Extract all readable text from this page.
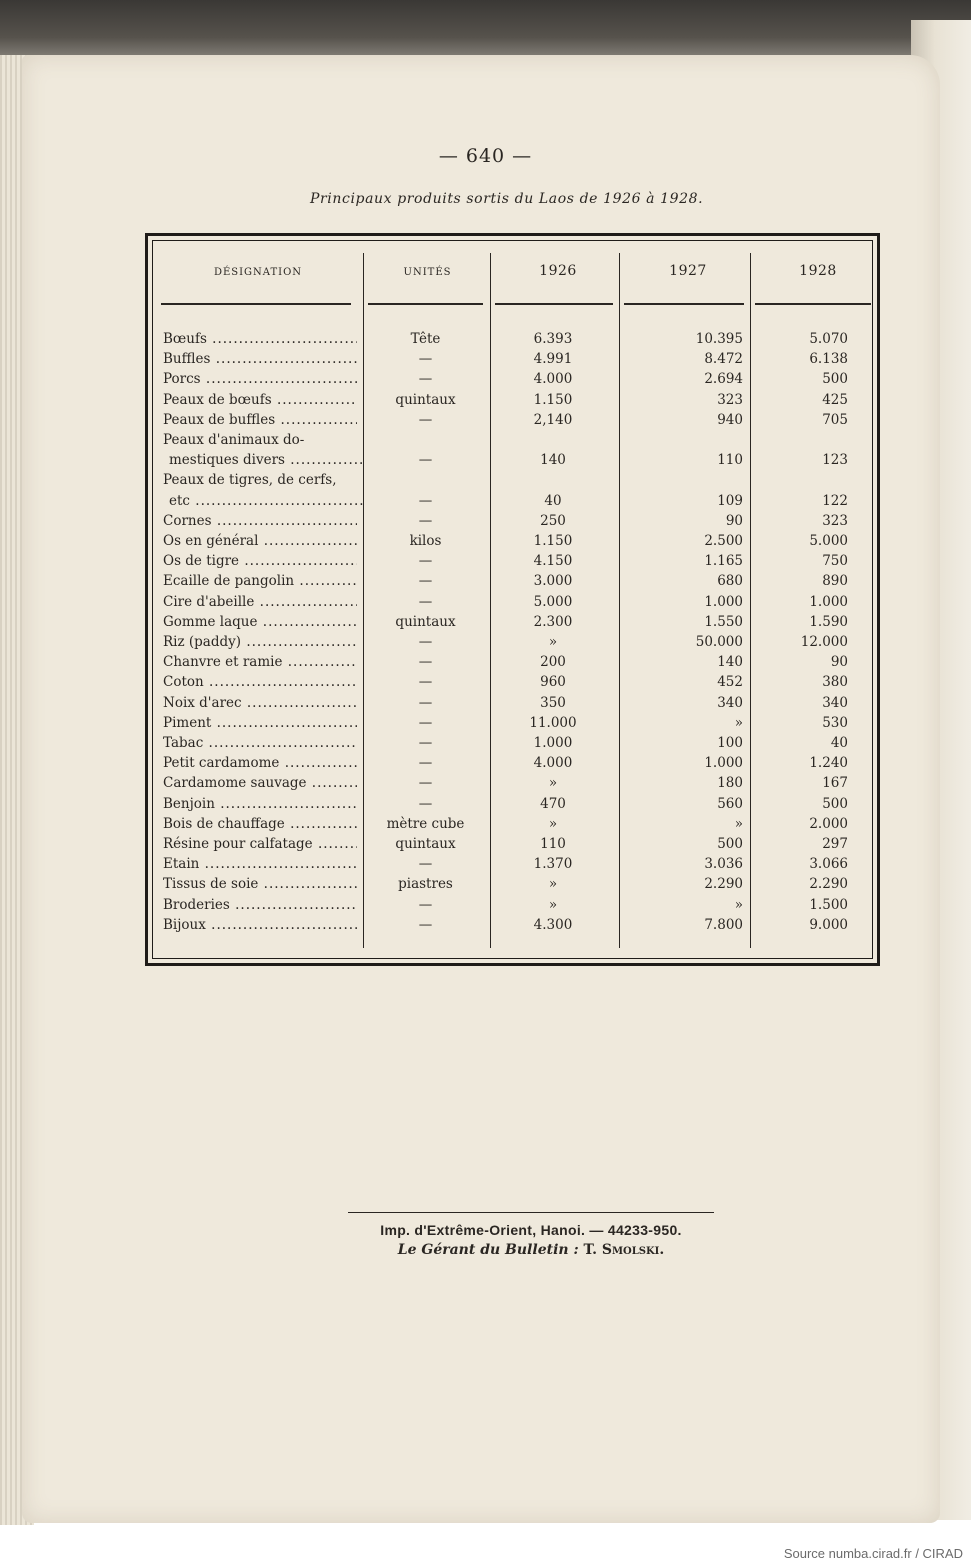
— 640 —
Principaux produits sortis du Laos de 1926 à 1928.
DÉSIGNATION	UNITÉS	1926	1927	1928
Bœufs .....	Tête	6.393	10.395	5.070
Buffles .....	—	4.991	8.472	6.138
Porcs .....	—	4.000	2.694	500
Peaux de bœufs .....	quintaux	1.150	323	425
Peaux de buffles .....	—	2,140	940	705
Peaux d'animaux do-
mestiques divers .....	—	140	110	123
Peaux de tigres, de cerfs,
etc .....	—	40	109	122
Cornes .....	—	250	90	323
Os en général .....	kilos	1.150	2.500	5.000
Os de tigre .....	—	4.150	1.165	750
Ecaille de pangolin .....	—	3.000	680	890
Cire d'abeille .....	—	5.000	1.000	1.000
Gomme laque .....	quintaux	2.300	1.550	1.590
Riz (paddy) .....	—	»	50.000	12.000
Chanvre et ramie .....	—	200	140	90
Coton .....	—	960	452	380
Noix d'arec .....	—	350	340	340
Piment .....	—	11.000	»	530
Tabac .....	—	1.000	100	40
Petit cardamome .....	—	4.000	1.000	1.240
Cardamome sauvage .....	—	»	180	167
Benjoin .....	—	470	560	500
Bois de chauffage .....	mètre cube	»	»	2.000
Résine pour calfatage .....	quintaux	110	500	297
Etain .....	—	1.370	3.036	3.066
Tissus de soie .....	piastres	»	2.290	2.290
Broderies .....	—	»	»	1.500
Bijoux .....	—	4.300	7.800	9.000
Imp. d'Extrême-Orient, Hanoi. — 44233-950.
Le Gérant du Bulletin : T. Smolski.
Source numba.cirad.fr / CIRAD
